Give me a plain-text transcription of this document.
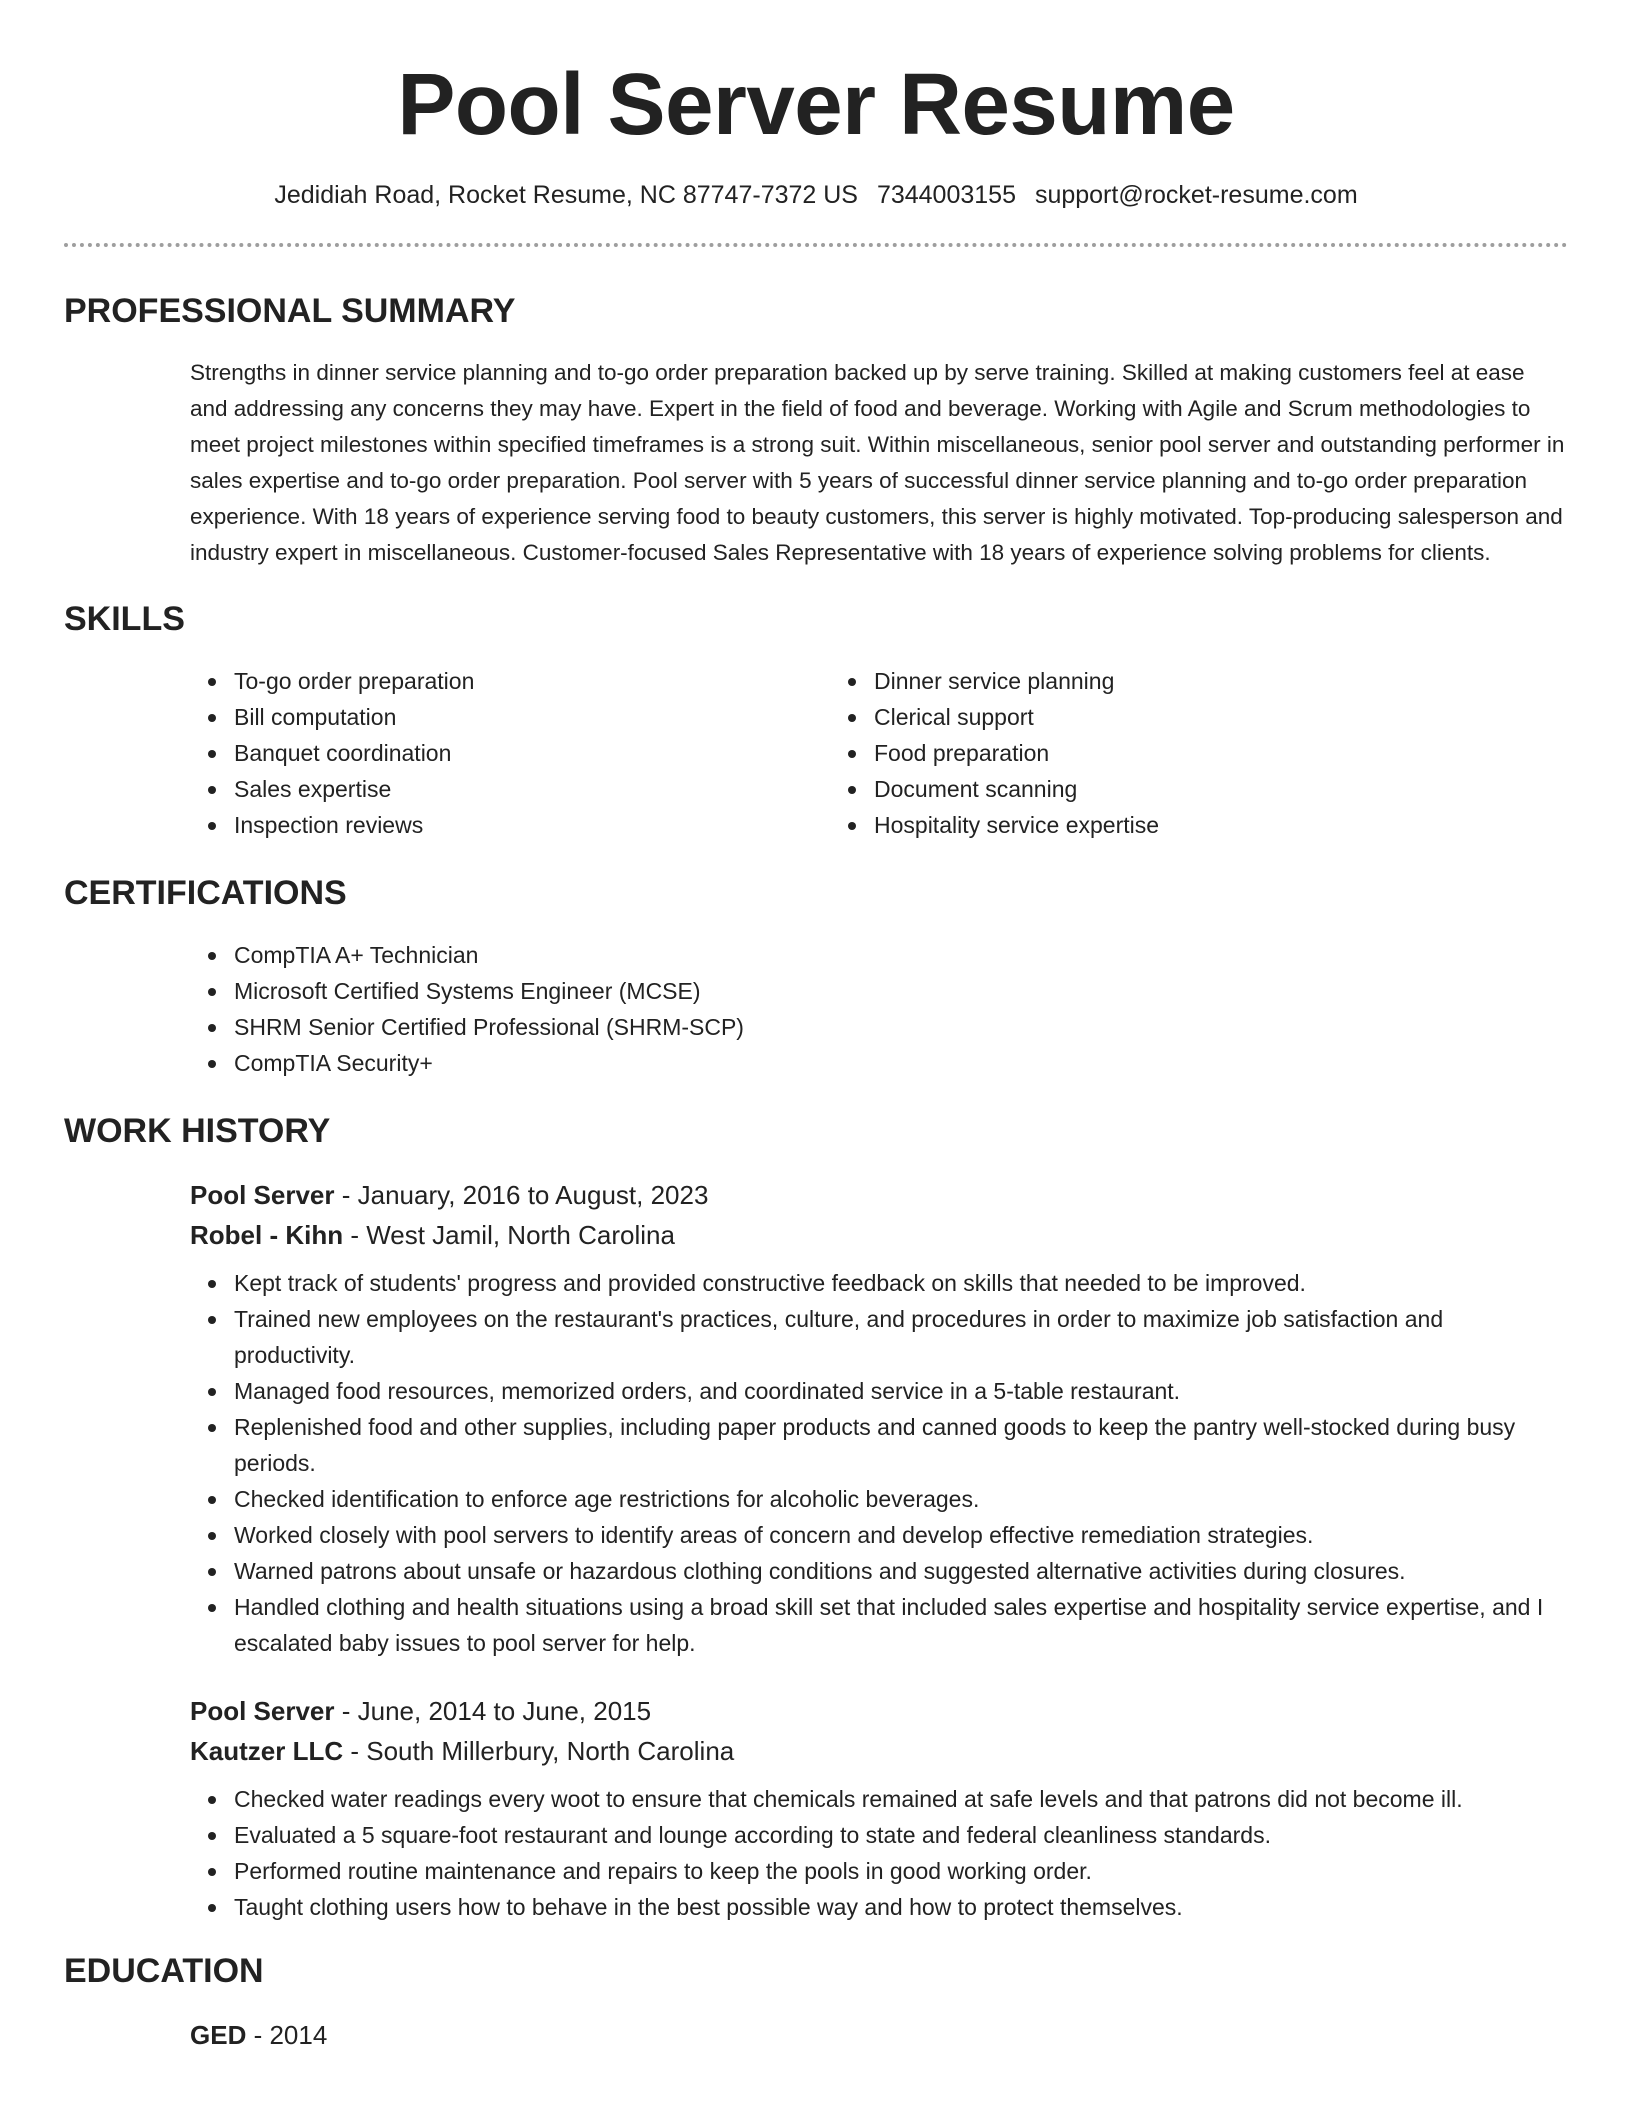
Pool Server Resume
Jedidiah Road, Rocket Resume, NC 87747-7372 US 7344003155 support@rocket-resume.com
PROFESSIONAL SUMMARY

Strengths in dinner service planning and to-go order preparation backed up by serve training. Skilled at making customers feel at ease and addressing any concerns they may have. Expert in the field of food and beverage. Working with Agile and Scrum methodologies to meet project milestones within specified timeframes is a strong suit. Within miscellaneous, senior pool server and outstanding performer in sales expertise and to-go order preparation. Pool server with 5 years of successful dinner service planning and to-go order preparation experience. With 18 years of experience serving food to beauty customers, this server is highly motivated. Top-producing salesperson and industry expert in miscellaneous. Customer-focused Sales Representative with 18 years of experience solving problems for clients.

SKILLS
To-go order preparation
Bill computation
Banquet coordination
Sales expertise
Inspection reviews
Dinner service planning
Clerical support
Food preparation
Document scanning
Hospitality service expertise
CERTIFICATIONS
CompTIA A+ Technician
Microsoft Certified Systems Engineer (MCSE)
SHRM Senior Certified Professional (SHRM-SCP)
CompTIA Security+
WORK HISTORY
Pool Server - January, 2016 to August, 2023
Robel - Kihn - West Jamil, North Carolina
Kept track of students' progress and provided constructive feedback on skills that needed to be improved.
Trained new employees on the restaurant's practices, culture, and procedures in order to maximize job satisfaction and productivity.
Managed food resources, memorized orders, and coordinated service in a 5-table restaurant.
Replenished food and other supplies, including paper products and canned goods to keep the pantry well-stocked during busy periods.
Checked identification to enforce age restrictions for alcoholic beverages.
Worked closely with pool servers to identify areas of concern and develop effective remediation strategies.
Warned patrons about unsafe or hazardous clothing conditions and suggested alternative activities during closures.
Handled clothing and health situations using a broad skill set that included sales expertise and hospitality service expertise, and I escalated baby issues to pool server for help.
Pool Server - June, 2014 to June, 2015
Kautzer LLC - South Millerbury, North Carolina
Checked water readings every woot to ensure that chemicals remained at safe levels and that patrons did not become ill.
Evaluated a 5 square-foot restaurant and lounge according to state and federal cleanliness standards.
Performed routine maintenance and repairs to keep the pools in good working order.
Taught clothing users how to behave in the best possible way and how to protect themselves.
EDUCATION
GED - 2014
